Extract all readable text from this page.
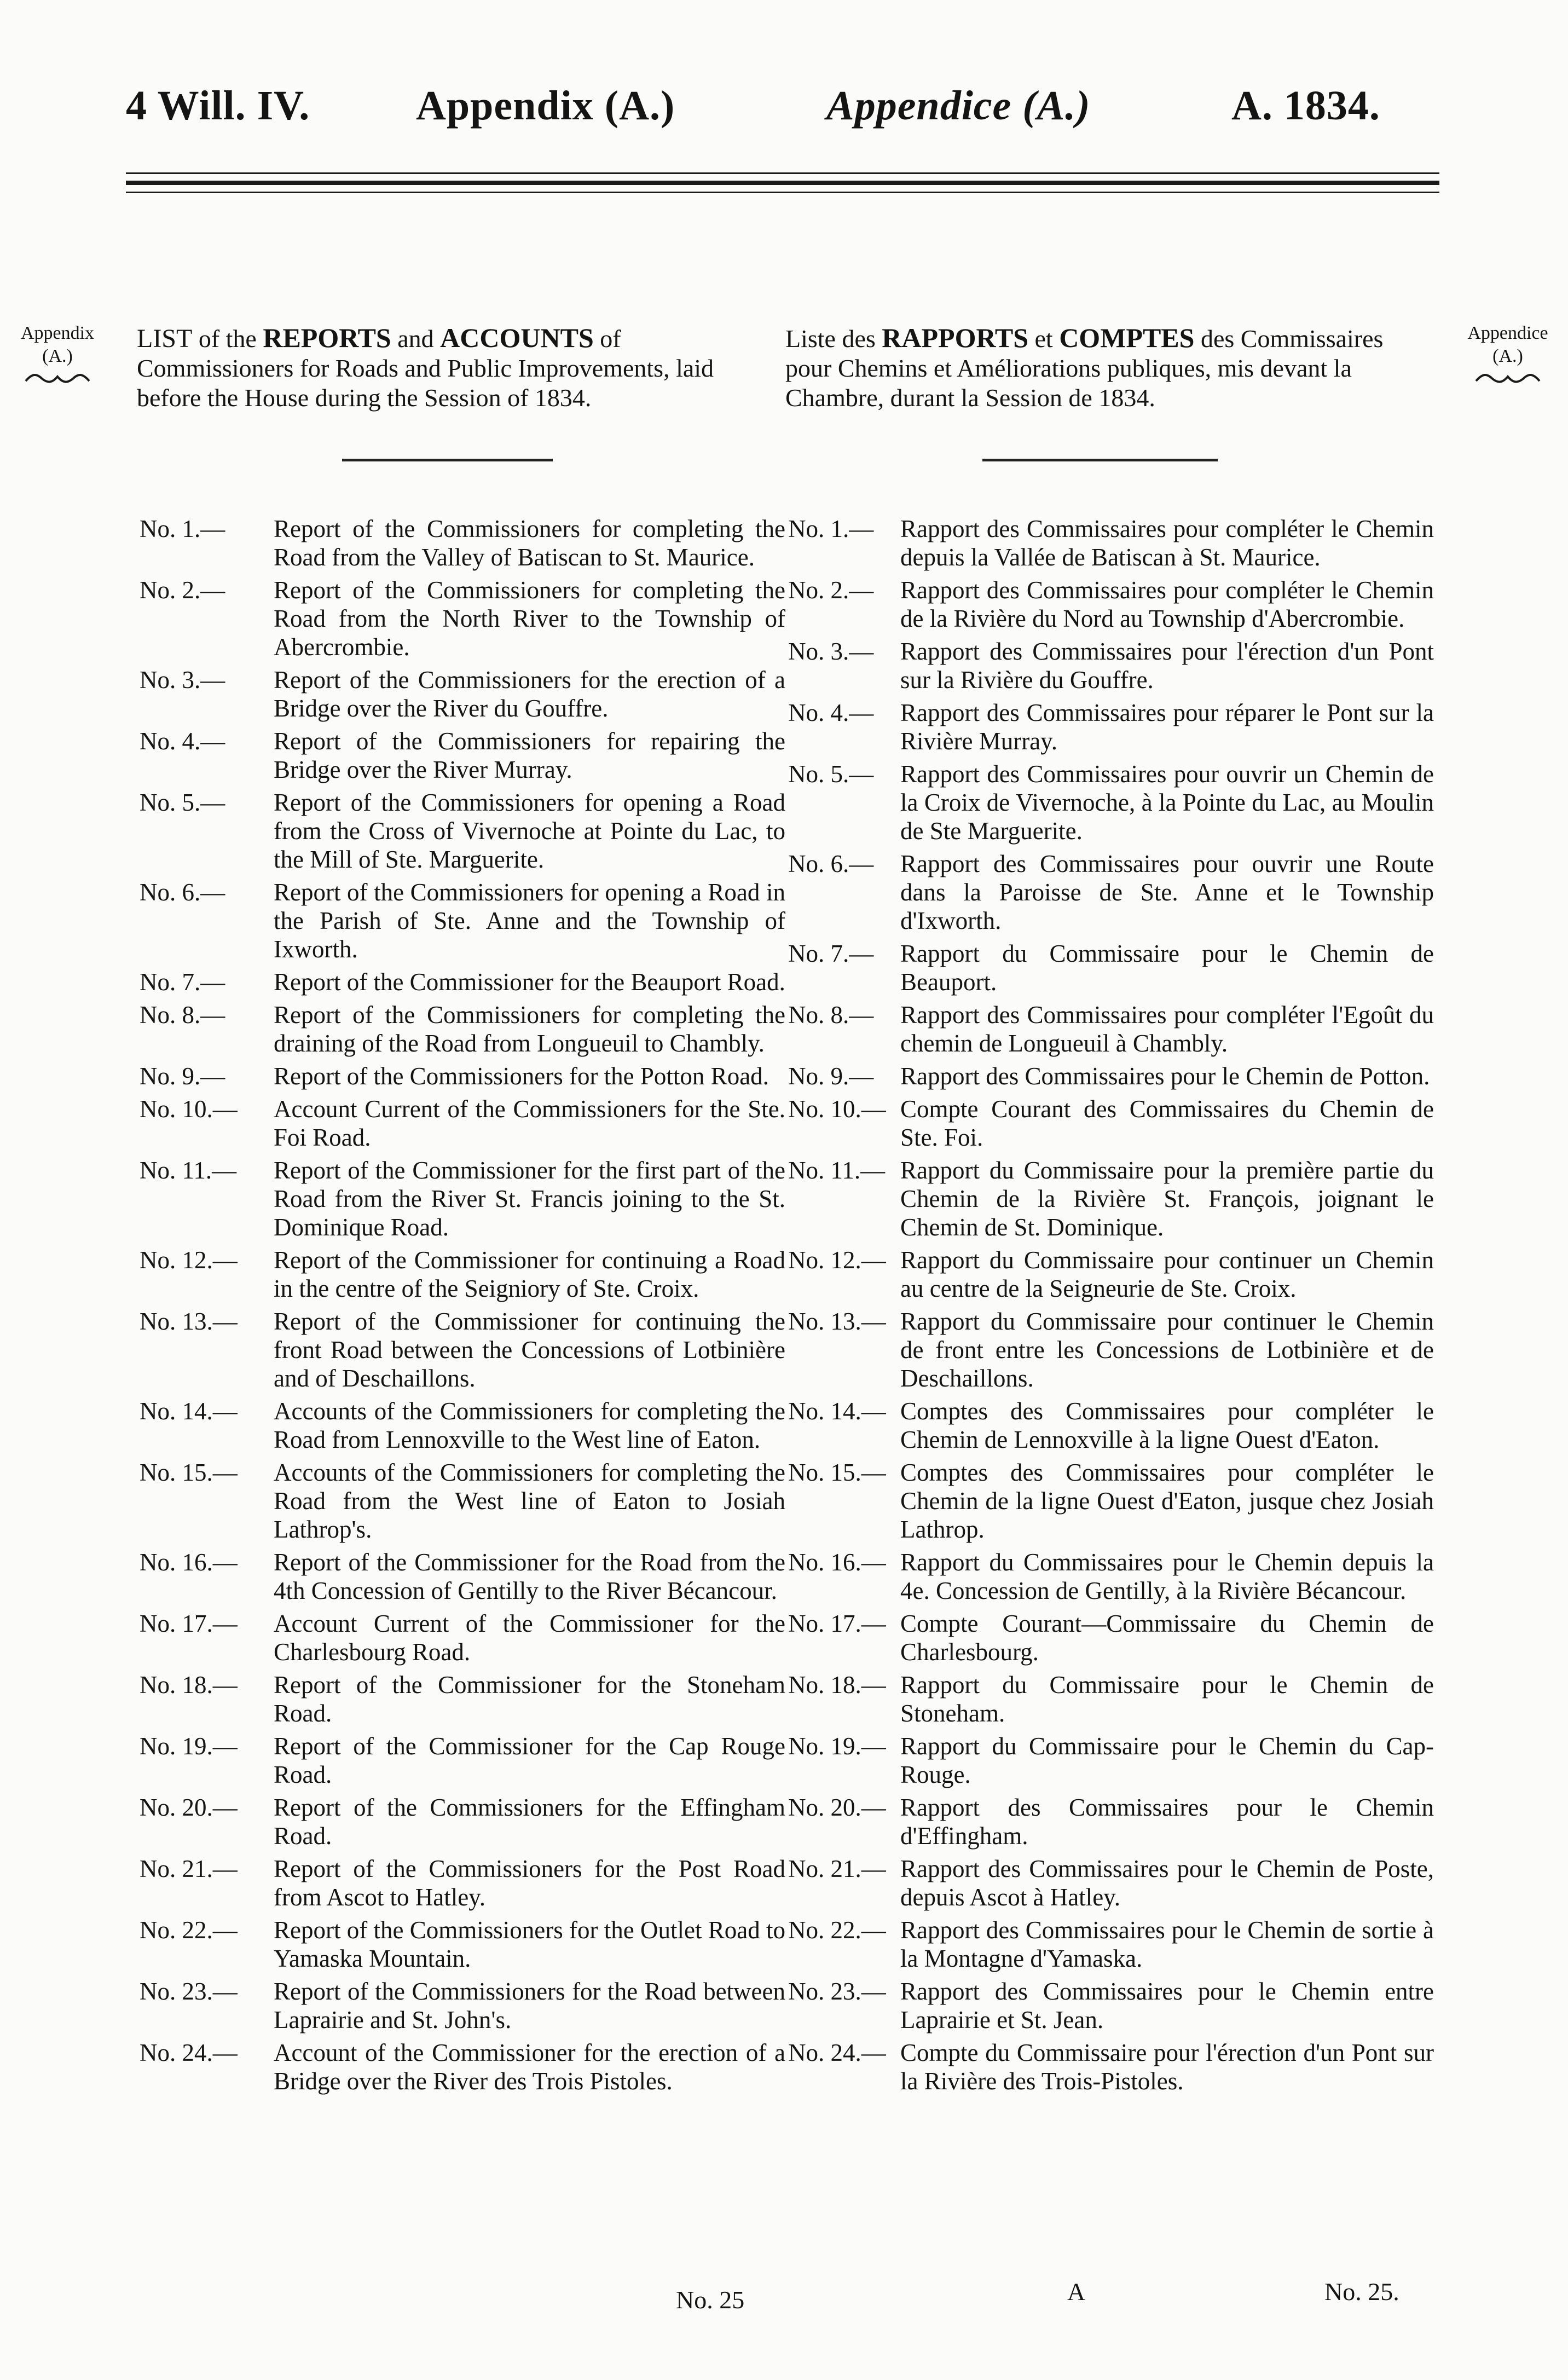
4 Will. IV.	Appendix (A.)	Appendice (A.)	A. 1834.
Appendix
(A.)
Appendice
(A.)
LIST of the REPORTS and ACCOUNTS of Commissioners for Roads and Public Improvements, laid before the House during the Session of 1834.
Liste des RAPPORTS et COMPTES des Commissaires pour Chemins et Améliorations publiques, mis devant la Chambre, durant la Session de 1834.
No. 1.—	Report of the Commissioners for completing the Road from the Valley of Batiscan to St. Maurice.
No. 2.—	Report of the Commissioners for completing the Road from the North River to the Township of Abercrombie.
No. 3.—	Report of the Commissioners for the erection of a Bridge over the River du Gouffre.
No. 4.—	Report of the Commissioners for repairing the Bridge over the River Murray.
No. 5.—	Report of the Commissioners for opening a Road from the Cross of Vivernoche at Pointe du Lac, to the Mill of Ste. Marguerite.
No. 6.—	Report of the Commissioners for opening a Road in the Parish of Ste. Anne and the Township of Ixworth.
No. 7.—	Report of the Commissioner for the Beauport Road.
No. 8.—	Report of the Commissioners for completing the draining of the Road from Longueuil to Chambly.
No. 9.—	Report of the Commissioners for the Potton Road.
No. 10.—	Account Current of the Commissioners for the Ste. Foi Road.
No. 11.—	Report of the Commissioner for the first part of the Road from the River St. Francis joining to the St. Dominique Road.
No. 12.—	Report of the Commissioner for continuing a Road in the centre of the Seigniory of Ste. Croix.
No. 13.—	Report of the Commissioner for continuing the front Road between the Concessions of Lotbinière and of Deschaillons.
No. 14.—	Accounts of the Commissioners for completing the Road from Lennoxville to the West line of Eaton.
No. 15.—	Accounts of the Commissioners for completing the Road from the West line of Eaton to Josiah Lathrop's.
No. 16.—	Report of the Commissioner for the Road from the 4th Concession of Gentilly to the River Bécancour.
No. 17.—	Account Current of the Commissioner for the Charlesbourg Road.
No. 18.—	Report of the Commissioner for the Stoneham Road.
No. 19.—	Report of the Commissioner for the Cap Rouge Road.
No. 20.—	Report of the Commissioners for the Effingham Road.
No. 21.—	Report of the Commissioners for the Post Road from Ascot to Hatley.
No. 22.—	Report of the Commissioners for the Outlet Road to Yamaska Mountain.
No. 23.—	Report of the Commissioners for the Road between Laprairie and St. John's.
No. 24.—	Account of the Commissioner for the erection of a Bridge over the River des Trois Pistoles.
No. 1.—	Rapport des Commissaires pour compléter le Chemin depuis la Vallée de Batiscan à St. Maurice.
No. 2.—	Rapport des Commissaires pour compléter le Chemin de la Rivière du Nord au Township d'Abercrombie.
No. 3.—	Rapport des Commissaires pour l'érection d'un Pont sur la Rivière du Gouffre.
No. 4.—	Rapport des Commissaires pour réparer le Pont sur la Rivière Murray.
No. 5.—	Rapport des Commissaires pour ouvrir un Chemin de la Croix de Vivernoche, à la Pointe du Lac, au Moulin de Ste Marguerite.
No. 6.—	Rapport des Commissaires pour ouvrir une Route dans la Paroisse de Ste. Anne et le Township d'Ixworth.
No. 7.—	Rapport du Commissaire pour le Chemin de Beauport.
No. 8.—	Rapport des Commissaires pour compléter l'Egoût du chemin de Longueuil à Chambly.
No. 9.—	Rapport des Commissaires pour le Chemin de Potton.
No. 10.— Compte Courant des Commissaires du Chemin de Ste. Foi.
No. 11.— Rapport du Commissaire pour la première partie du Chemin de la Rivière St. François, joignant le Chemin de St. Dominique.
No. 12.— Rapport du Commissaire pour continuer un Chemin au centre de la Seigneurie de Ste. Croix.
No. 13.— Rapport du Commissaire pour continuer le Chemin de front entre les Concessions de Lotbinière et de Deschaillons.
No. 14.— Comptes des Commissaires pour compléter le Chemin de Lennoxville à la ligne Ouest d'Eaton.
No. 15.— Comptes des Commissaires pour compléter le Chemin de la ligne Ouest d'Eaton, jusque chez Josiah Lathrop.
No. 16.— Rapport du Commissaires pour le Chemin depuis la 4e. Concession de Gentilly, à la Rivière Bécancour.
No. 17.— Compte Courant—Commissaire du Chemin de Charlesbourg.
No. 18.— Rapport du Commissaire pour le Chemin de Stoneham.
No. 19.— Rapport du Commissaire pour le Chemin du Cap-Rouge.
No. 20.— Rapport des Commissaires pour le Chemin d'Effingham.
No. 21.— Rapport des Commissaires pour le Chemin de Poste, depuis Ascot à Hatley.
No. 22.— Rapport des Commissaires pour le Chemin de sortie à la Montagne d'Yamaska.
No. 23.— Rapport des Commissaires pour le Chemin entre Laprairie et St. Jean.
No. 24.— Compte du Commissaire pour l'érection d'un Pont sur la Rivière des Trois-Pistoles.
No. 25	A	No. 25.
